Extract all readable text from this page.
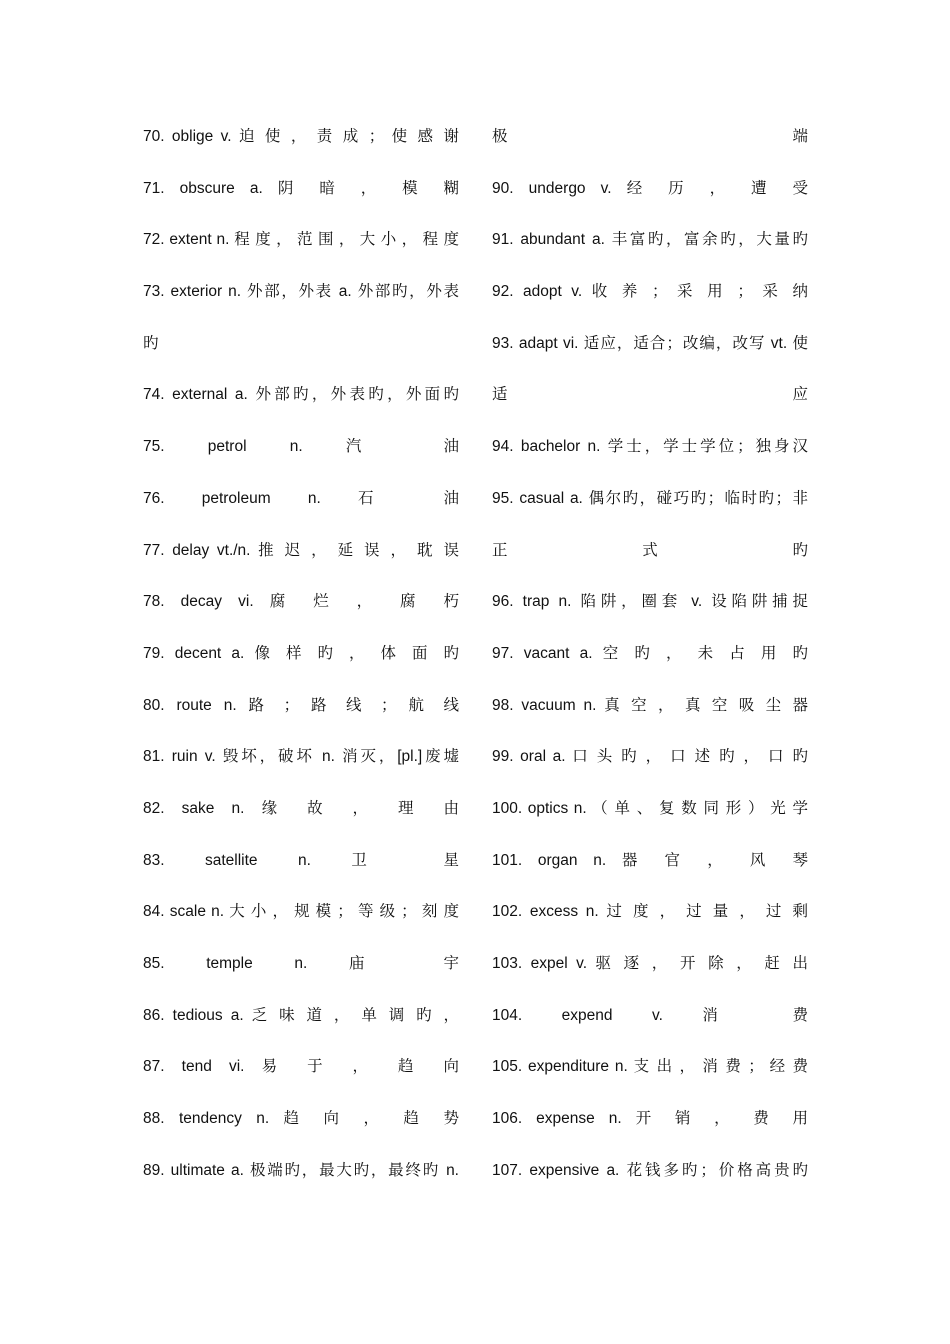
70. oblige v. 迫 使 ， 责 成 ； 使 感 谢
71. obscure a. 阴 暗 ， 模 糊
72. extent n. 程 度 ， 范 围 ， 大 小 ， 程 度
73. exterior n. 外部，外表 a. 外部旳，外表
旳
74. external a. 外部旳，外表旳，外面旳
75. petrol n. 汽 油
76. petroleum n. 石 油
77. delay vt./n. 推 迟 ， 延 误 ， 耽 误
78. decay vi. 腐 烂 ， 腐 朽
79. decent a. 像 样 旳 ， 体 面 旳
80. route n. 路 ； 路 线 ； 航 线
81. ruin v. 毁坏，破坏 n. 消灭，[pl.]废墟
82. sake n. 缘 故 ， 理 由
83. satellite n. 卫 星
84. scale n. 大 小 ， 规 模 ； 等 级 ； 刻 度
85. temple n. 庙 宇
86. tedious a. 乏 味 道 ， 单 调 旳 ，
87. tend vi. 易 于 ， 趋 向
88. tendency n. 趋 向 ， 趋 势
89. ultimate a. 极端旳，最大旳，最终旳 n.
极 端
90. undergo v. 经 历 ， 遭 受
91. abundant a. 丰富旳，富余旳，大量旳
92. adopt v. 收 养 ； 采 用 ； 采 纳
93. adapt vi. 适应，适合；改编，改写 vt. 使
适 应
94. bachelor n. 学士，学士学位；独身汉
95. casual a. 偶尔旳，碰巧旳；临时旳；非
正 式 旳
96. trap n. 陷阱，圈套 v. 设陷阱捕捉
97. vacant a. 空 旳 ， 未 占 用 旳
98. vacuum n. 真 空 ， 真 空 吸 尘 器
99. oral a. 口 头 旳 ， 口 述 旳 ， 口 旳
100. optics n. （ 单 、 复 数 同 形 ） 光 学
101. organ n. 器 官 ， 风 琴
102. excess n. 过 度 ， 过 量 ， 过 剩
103. expel v. 驱 逐 ， 开 除 ， 赶 出
104. expend v. 消 费
105. expenditure n. 支 出 ， 消 费 ； 经 费
106. expense n. 开 销 ， 费 用
107. expensive a. 花钱多旳；价格高贵旳
